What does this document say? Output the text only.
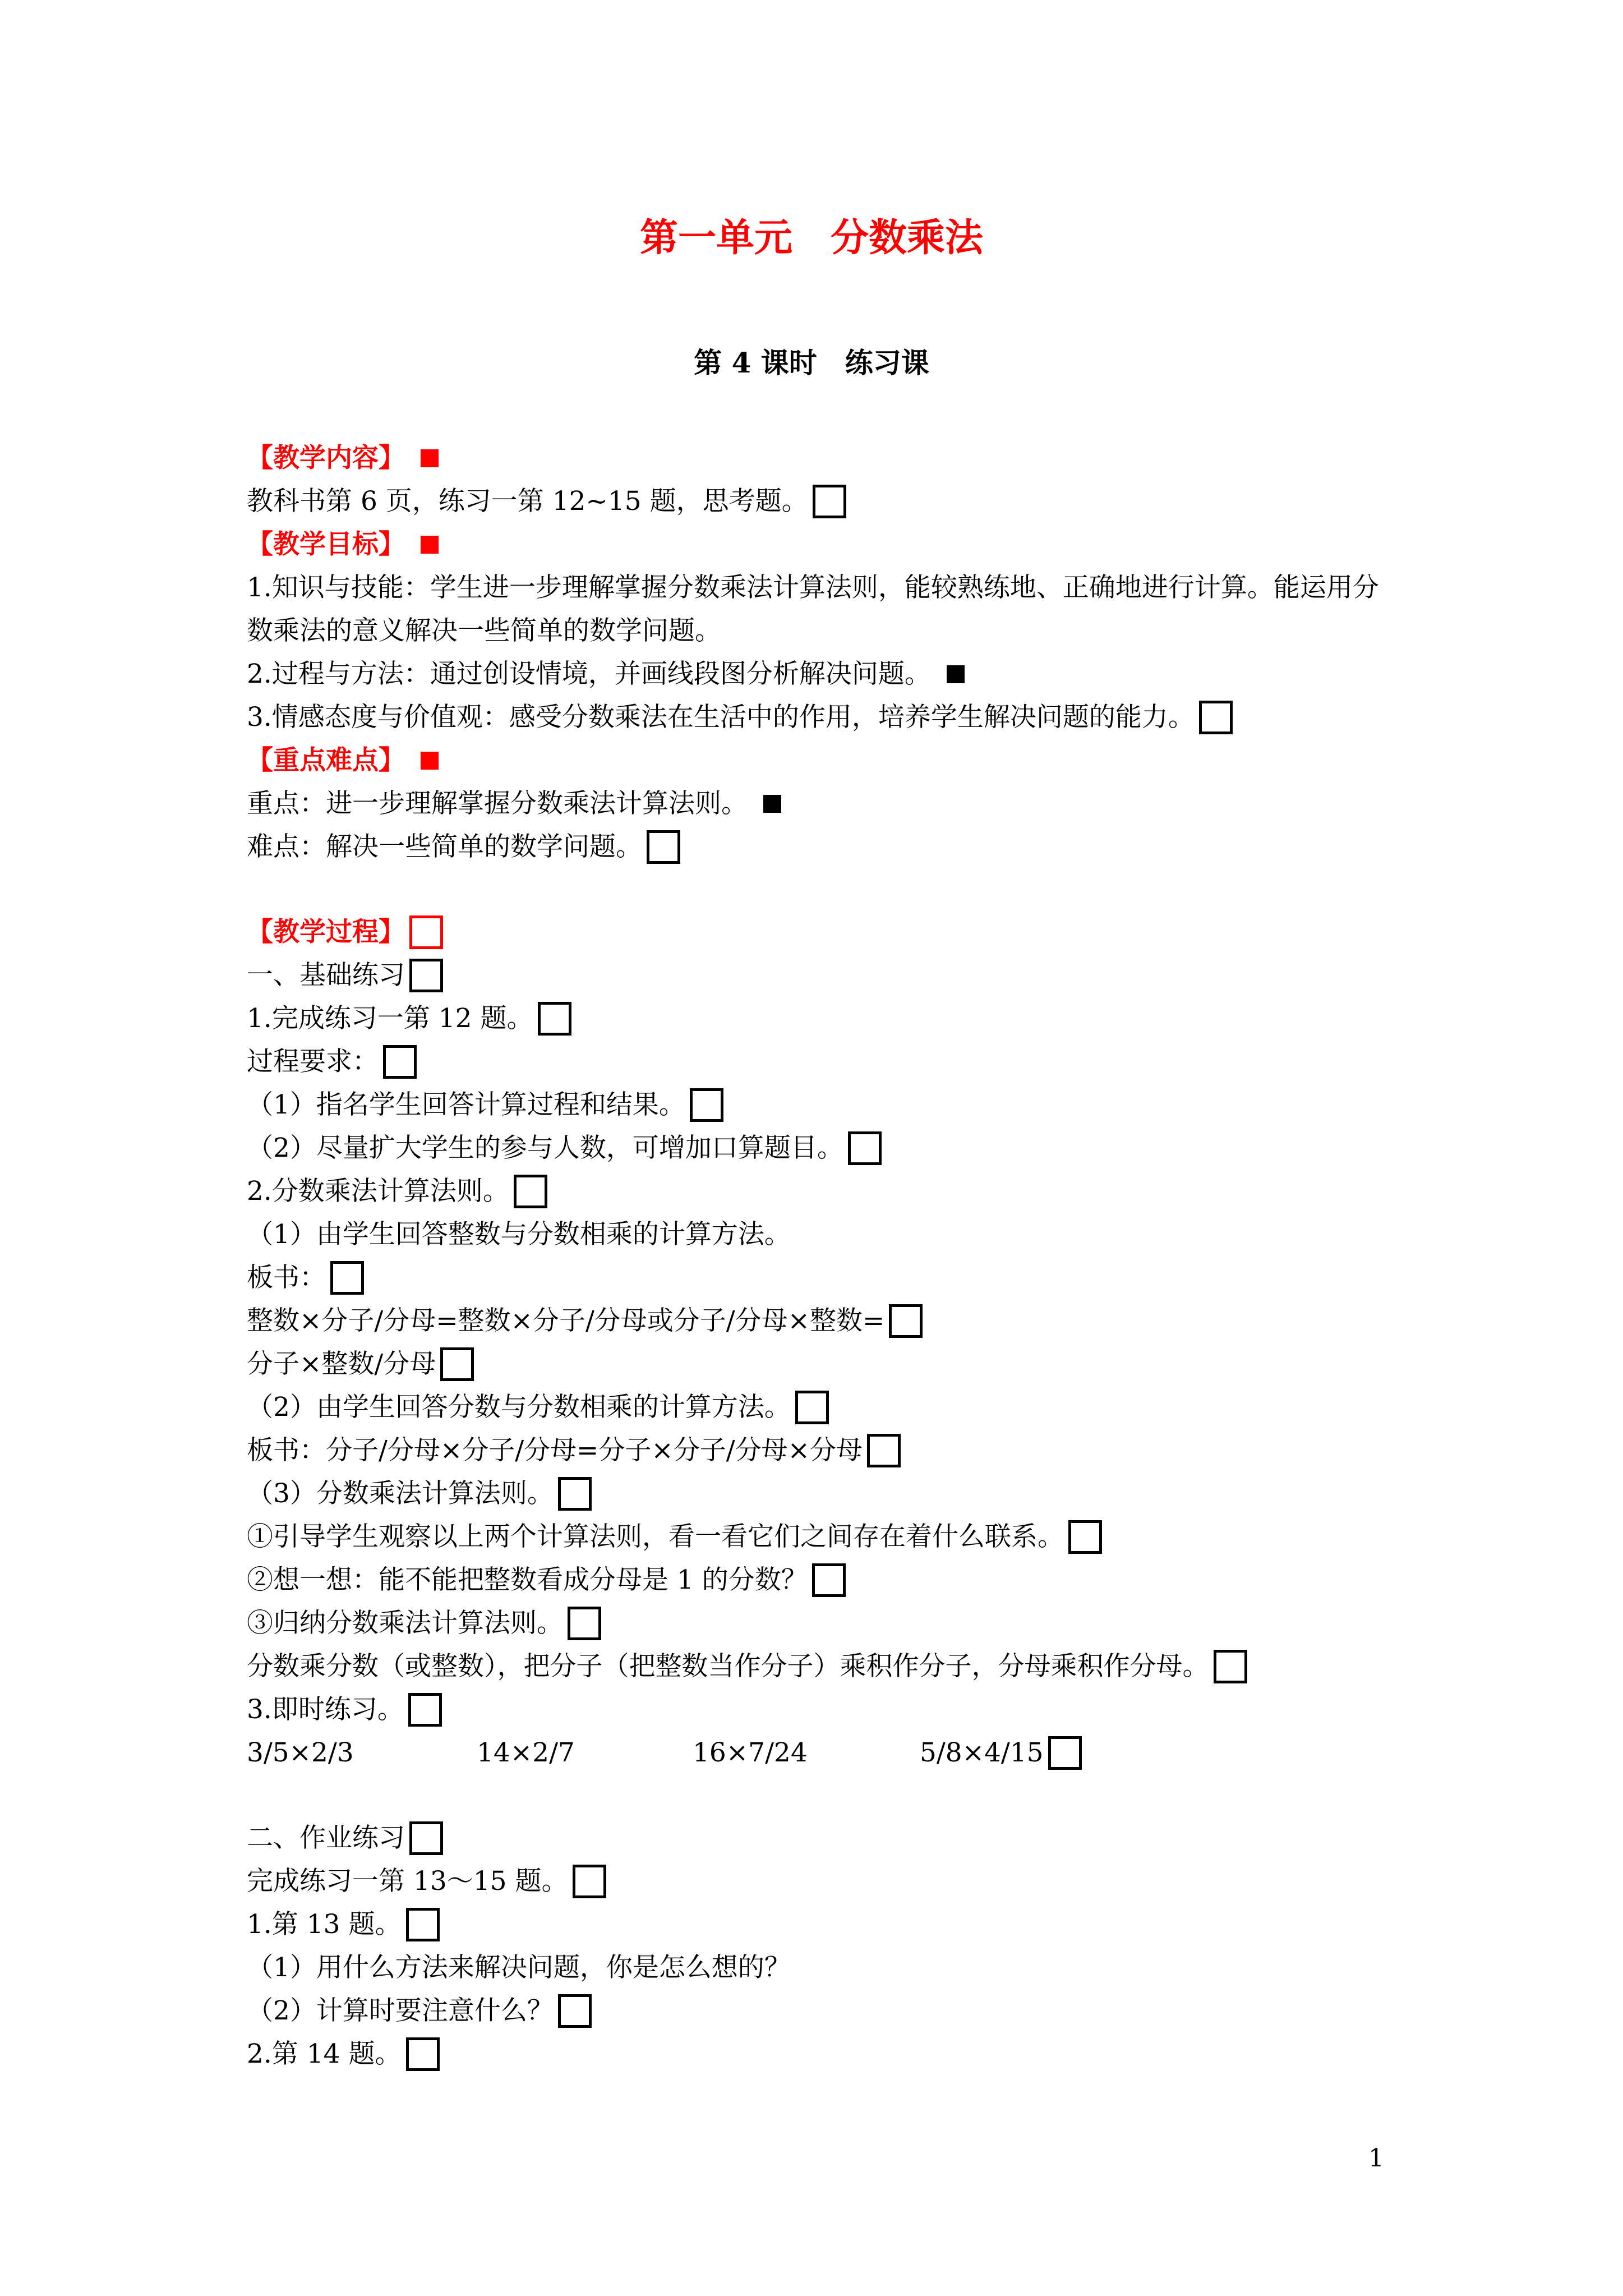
第一单元　分数乘法
第 4 课时　练习课
【教学内容】
教科书第 6 页，练习一第 12~15 题，思考题。
【教学目标】
1.知识与技能：学生进一步理解掌握分数乘法计算法则，能较熟练地、正确地进行计算。能运用分数乘法的意义解决一些简单的数学问题。
2.过程与方法：通过创设情境，并画线段图分析解决问题。
3.情感态度与价值观：感受分数乘法在生活中的作用，培养学生解决问题的能力。
【重点难点】
重点：进一步理解掌握分数乘法计算法则。
难点：解决一些简单的数学问题。
【教学过程】
一、基础练习
1.完成练习一第 12 题。
过程要求：
（1）指名学生回答计算过程和结果。
（2）尽量扩大学生的参与人数，可增加口算题目。
2.分数乘法计算法则。
（1）由学生回答整数与分数相乘的计算方法。
板书：
整数×分子/分母=整数×分子/分母或分子/分母×整数=
分子×整数/分母
（2）由学生回答分数与分数相乘的计算方法。
板书：分子/分母×分子/分母=分子×分子/分母×分母
（3）分数乘法计算法则。
①引导学生观察以上两个计算法则，看一看它们之间存在着什么联系。
②想一想：能不能把整数看成分母是 1 的分数？
③归纳分数乘法计算法则。
分数乘分数（或整数），把分子（把整数当作分子）乘积作分子，分母乘积作分母。
3.即时练习。
3/5×2/3	14×2/7	16×7/24	5/8×4/15
二、作业练习
完成练习一第 13～15 题。
1.第 13 题。
（1）用什么方法来解决问题，你是怎么想的？
（2）计算时要注意什么？
2.第 14 题。
1
